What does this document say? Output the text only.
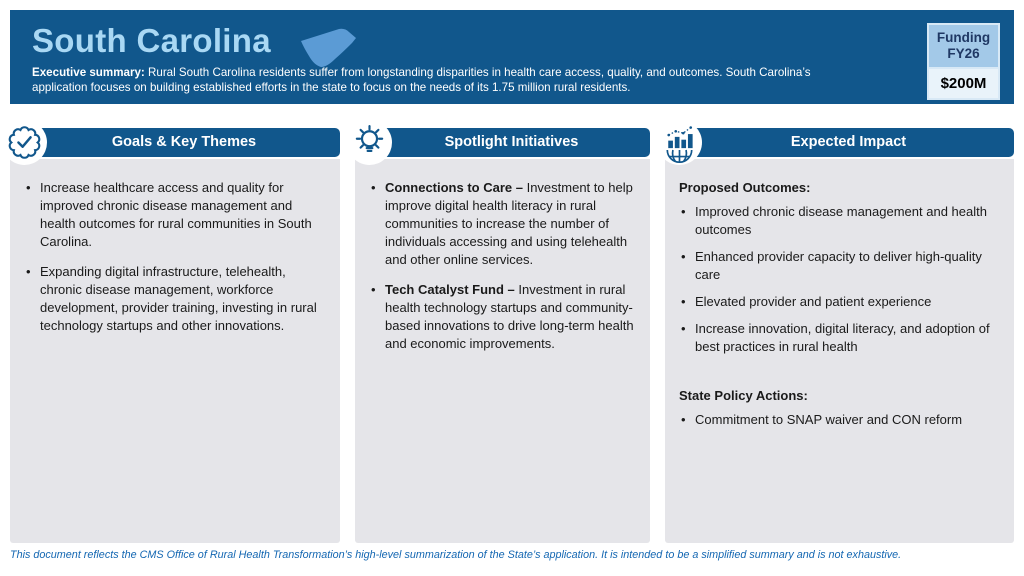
South Carolina
Executive summary: Rural South Carolina residents suffer from longstanding disparities in health care access, quality, and outcomes. South Carolina’s application focuses on building established efforts in the state to focus on the needs of its 1.75 million rural residents.
Funding
FY26
$200M
Goals & Key Themes
• Increase healthcare access and quality for improved chronic disease management and health outcomes for rural communities in South Carolina.
• Expanding digital infrastructure, telehealth, chronic disease management, workforce development, provider training, investing in rural technology startups and other innovations.
Spotlight Initiatives
• Connections to Care – Investment to help improve digital health literacy in rural communities to increase the number of individuals accessing and using telehealth and other online services.
• Tech Catalyst Fund – Investment in rural health technology startups and community-based innovations to drive long-term health and economic improvements.
Expected Impact
Proposed Outcomes:
• Improved chronic disease management and health outcomes
• Enhanced provider capacity to deliver high-quality care
• Elevated provider and patient experience
• Increase innovation, digital literacy, and adoption of best practices in rural health
State Policy Actions:
• Commitment to SNAP waiver and CON reform
This document reflects the CMS Office of Rural Health Transformation’s high-level summarization of the State’s application. It is intended to be a simplified summary and is not exhaustive.
